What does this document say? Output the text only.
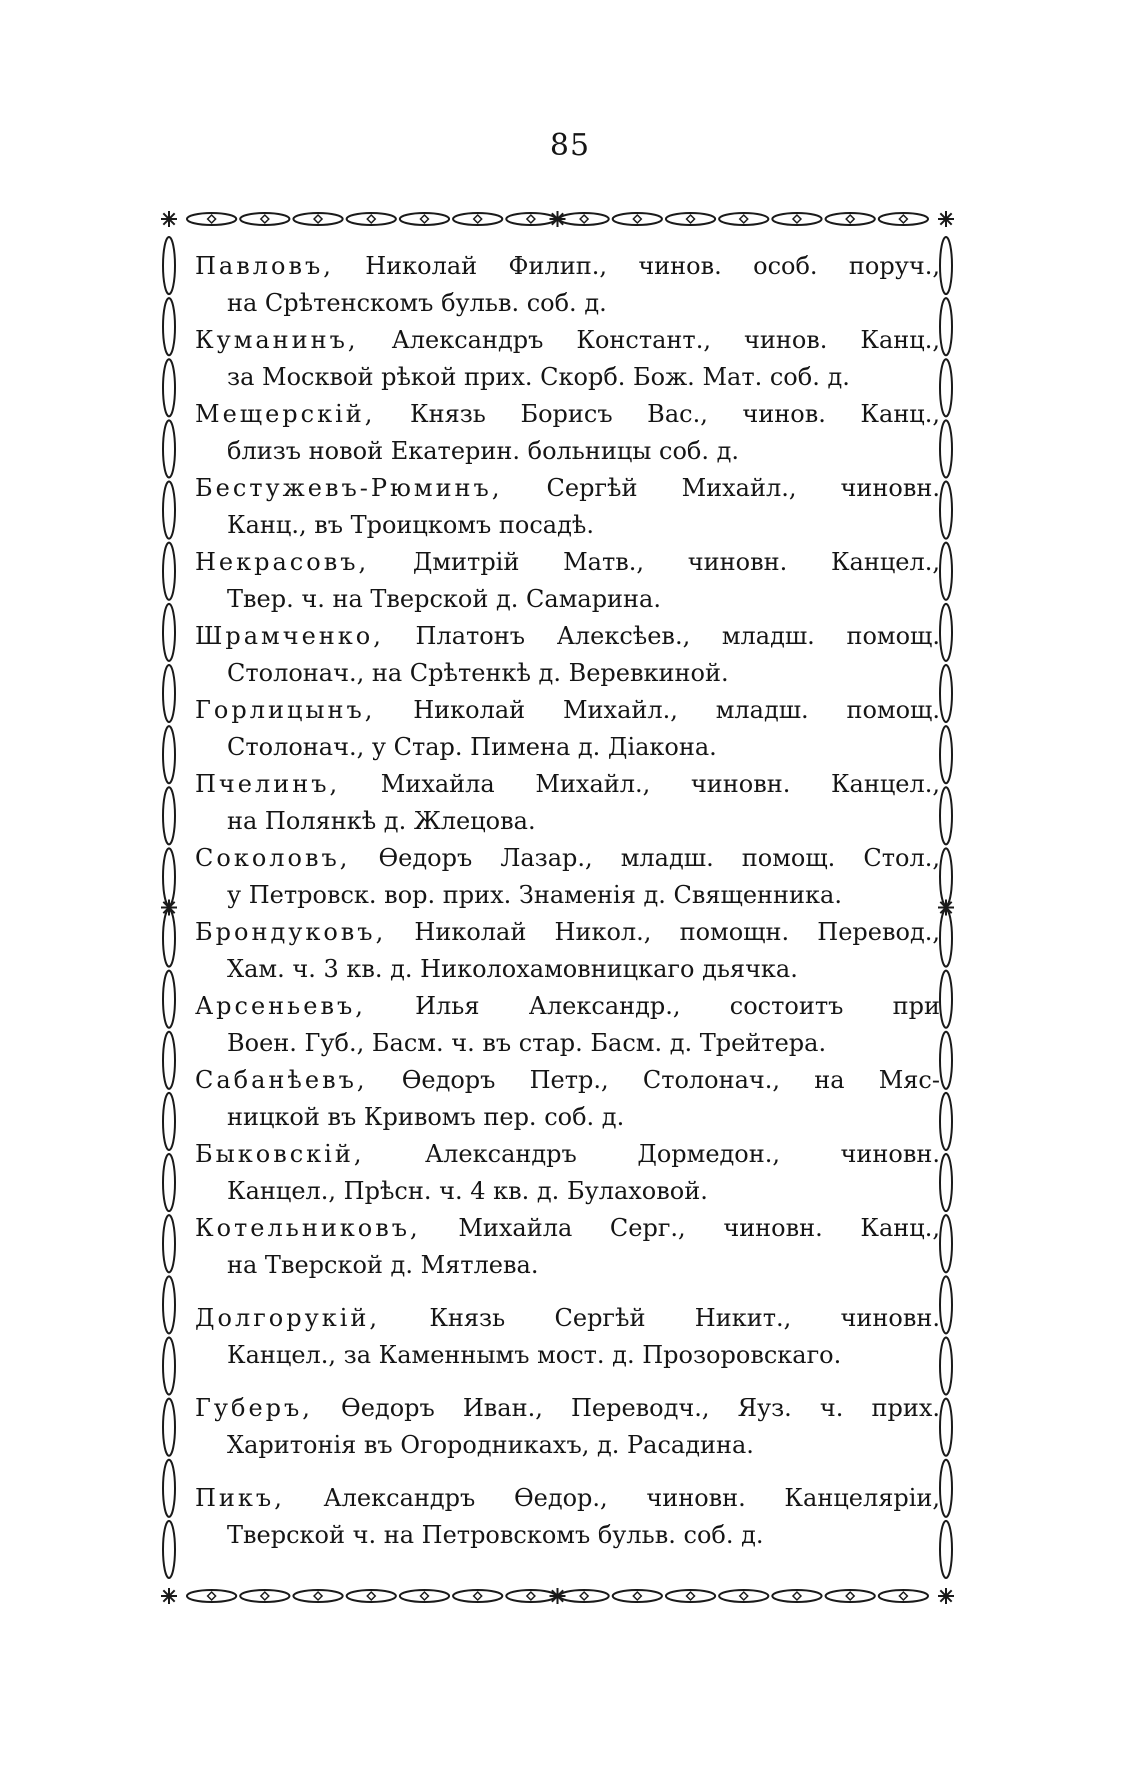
85
Павловъ, Николай Филип., чинов. особ. поруч.,
на Срѣтенскомъ бульв. соб. д.
Куманинъ, Александръ Констант., чинов. Канц.,
за Москвой рѣкой прих. Скорб. Бож. Мат. соб. д.
Мещерскій, Князь Борисъ Вас., чинов. Канц.,
близъ новой Екатерин. больницы соб. д.
Бестужевъ-Рюминъ, Сергѣй Михайл., чиновн.
Канц., въ Троицкомъ посадѣ.
Некрасовъ, Дмитрій Матв., чиновн. Канцел.,
Твер. ч. на Тверской д. Самарина.
Шрамченко, Платонъ Алексѣев., младш. помощ.
Столонач., на Срѣтенкѣ д. Веревкиной.
Горлицынъ, Николай Михайл., младш. помощ.
Столонач., у Стар. Пимена д. Діакона.
Пчелинъ, Михайла Михайл., чиновн. Канцел.,
на Полянкѣ д. Жлецова.
Соколовъ, Ѳедоръ Лазар., младш. помощ. Стол.,
у Петровск. вор. прих. Знаменія д. Священника.
Брондуковъ, Николай Никол., помощн. Перевод.,
Хам. ч. 3 кв. д. Николохамовницкаго дьячка.
Арсеньевъ, Илья Александр., состоитъ при
Воен. Губ., Басм. ч. въ стар. Басм. д. Трейтера.
Сабанѣевъ, Ѳедоръ Петр., Столонач., на Мяс-
ницкой въ Кривомъ пер. соб. д.
Быковскій,	Александръ Дормедон., чиновн.
Канцел., Прѣсн. ч. 4 кв. д. Булаховой.
Котельниковъ, Михайла Серг., чиновн. Канц.,
на Тверской д. Мятлева.
Долгорукій, Князь Сергѣй Никит., чиновн.
Канцел., за Каменнымъ мост. д. Прозоровскаго.
Губеръ, Ѳедоръ Иван., Переводч., Яуз. ч. прих.
Харитонія въ Огородникахъ, д. Расадина.
Пикъ, Александръ Ѳедор., чиновн. Канцеляріи,
Тверской ч. на Петровскомъ бульв. соб. д.
